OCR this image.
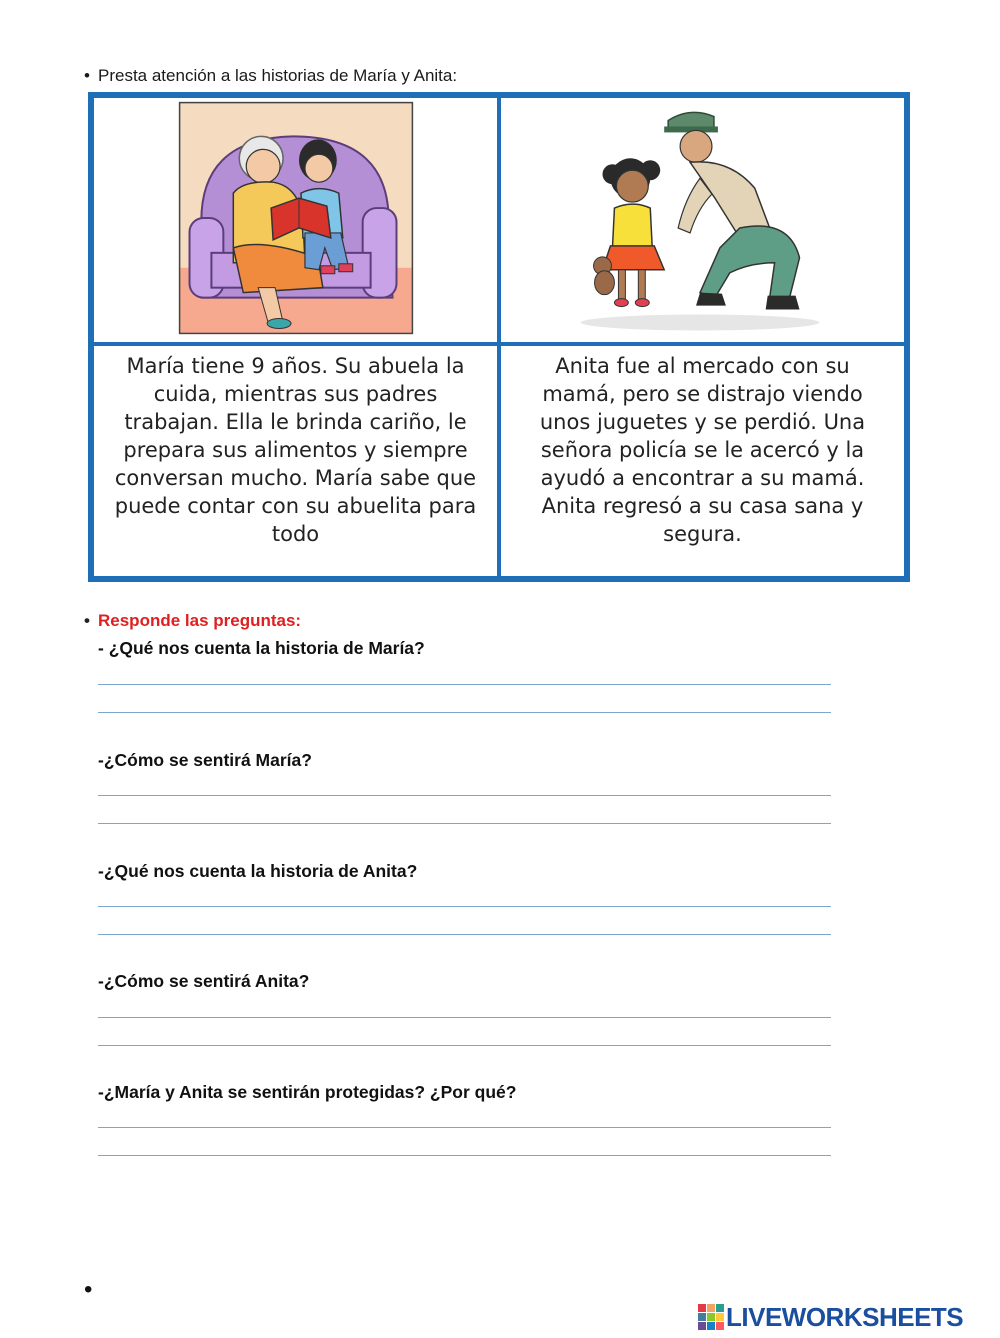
• Presta atención a las historias de María y Anita:
María tiene 9 años. Su abuela la cuida, mientras sus padres trabajan. Ella le brinda cariño, le prepara sus alimentos y siempre conversan mucho. María sabe que puede contar con su abuelita para todo
Anita fue al mercado con su mamá, pero se distrajo viendo unos juguetes y se perdió. Una señora policía se le acercó y la ayudó a encontrar a su mamá. Anita regresó a su casa sana y segura.
• Responde las preguntas:
- ¿Qué nos cuenta la historia de María?
-¿Cómo se sentirá María?
-¿Qué nos cuenta la historia de Anita?
-¿Cómo se sentirá Anita?
-¿María y Anita se sentirán protegidas? ¿Por qué?
•
LIVEWORKSHEETS
